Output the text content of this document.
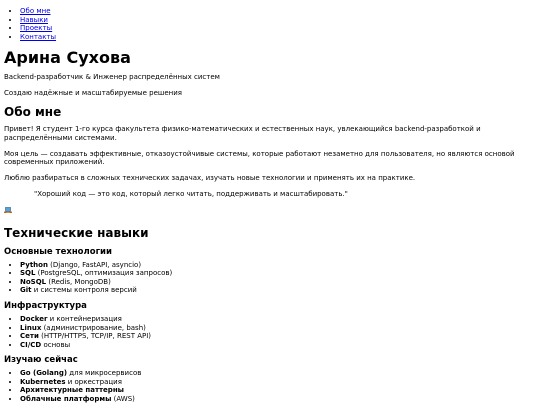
• Обо мне
• Навыки
• Проекты
• Контакты
Арина Сухова

Backend-разработчик & Инженер распределённых систем

Создаю надёжные и масштабируемые решения

Обо мне

Привет! Я студент 1-го курса факультета физико-математических и естественных наук, увлекающийся backend-разработкой и распределёнными системами.

Моя цель — создавать эффективные, отказоустойчивые системы, которые работают незаметно для пользователя, но являются основой современных приложений.

Люблю разбираться в сложных технических задачах, изучать новые технологии и применять их на практике.

"Хороший код — это код, который легко читать, поддерживать и масштабировать."
Технические навыки
Основные технологии
• Python (Django, FastAPI, asyncio)
• SQL (PostgreSQL, оптимизация запросов)
• NoSQL (Redis, MongoDB)
• Git и системы контроля версий
Инфраструктура
• Docker и контейнеризация
• Linux (администрирование, bash)
• Сети (HTTP/HTTPS, TCP/IP, REST API)
• CI/CD основы
Изучаю сейчас
• Go (Golang) для микросервисов
• Kubernetes и оркестрация
• Архитектурные паттерны
• Облачные платформы (AWS)
